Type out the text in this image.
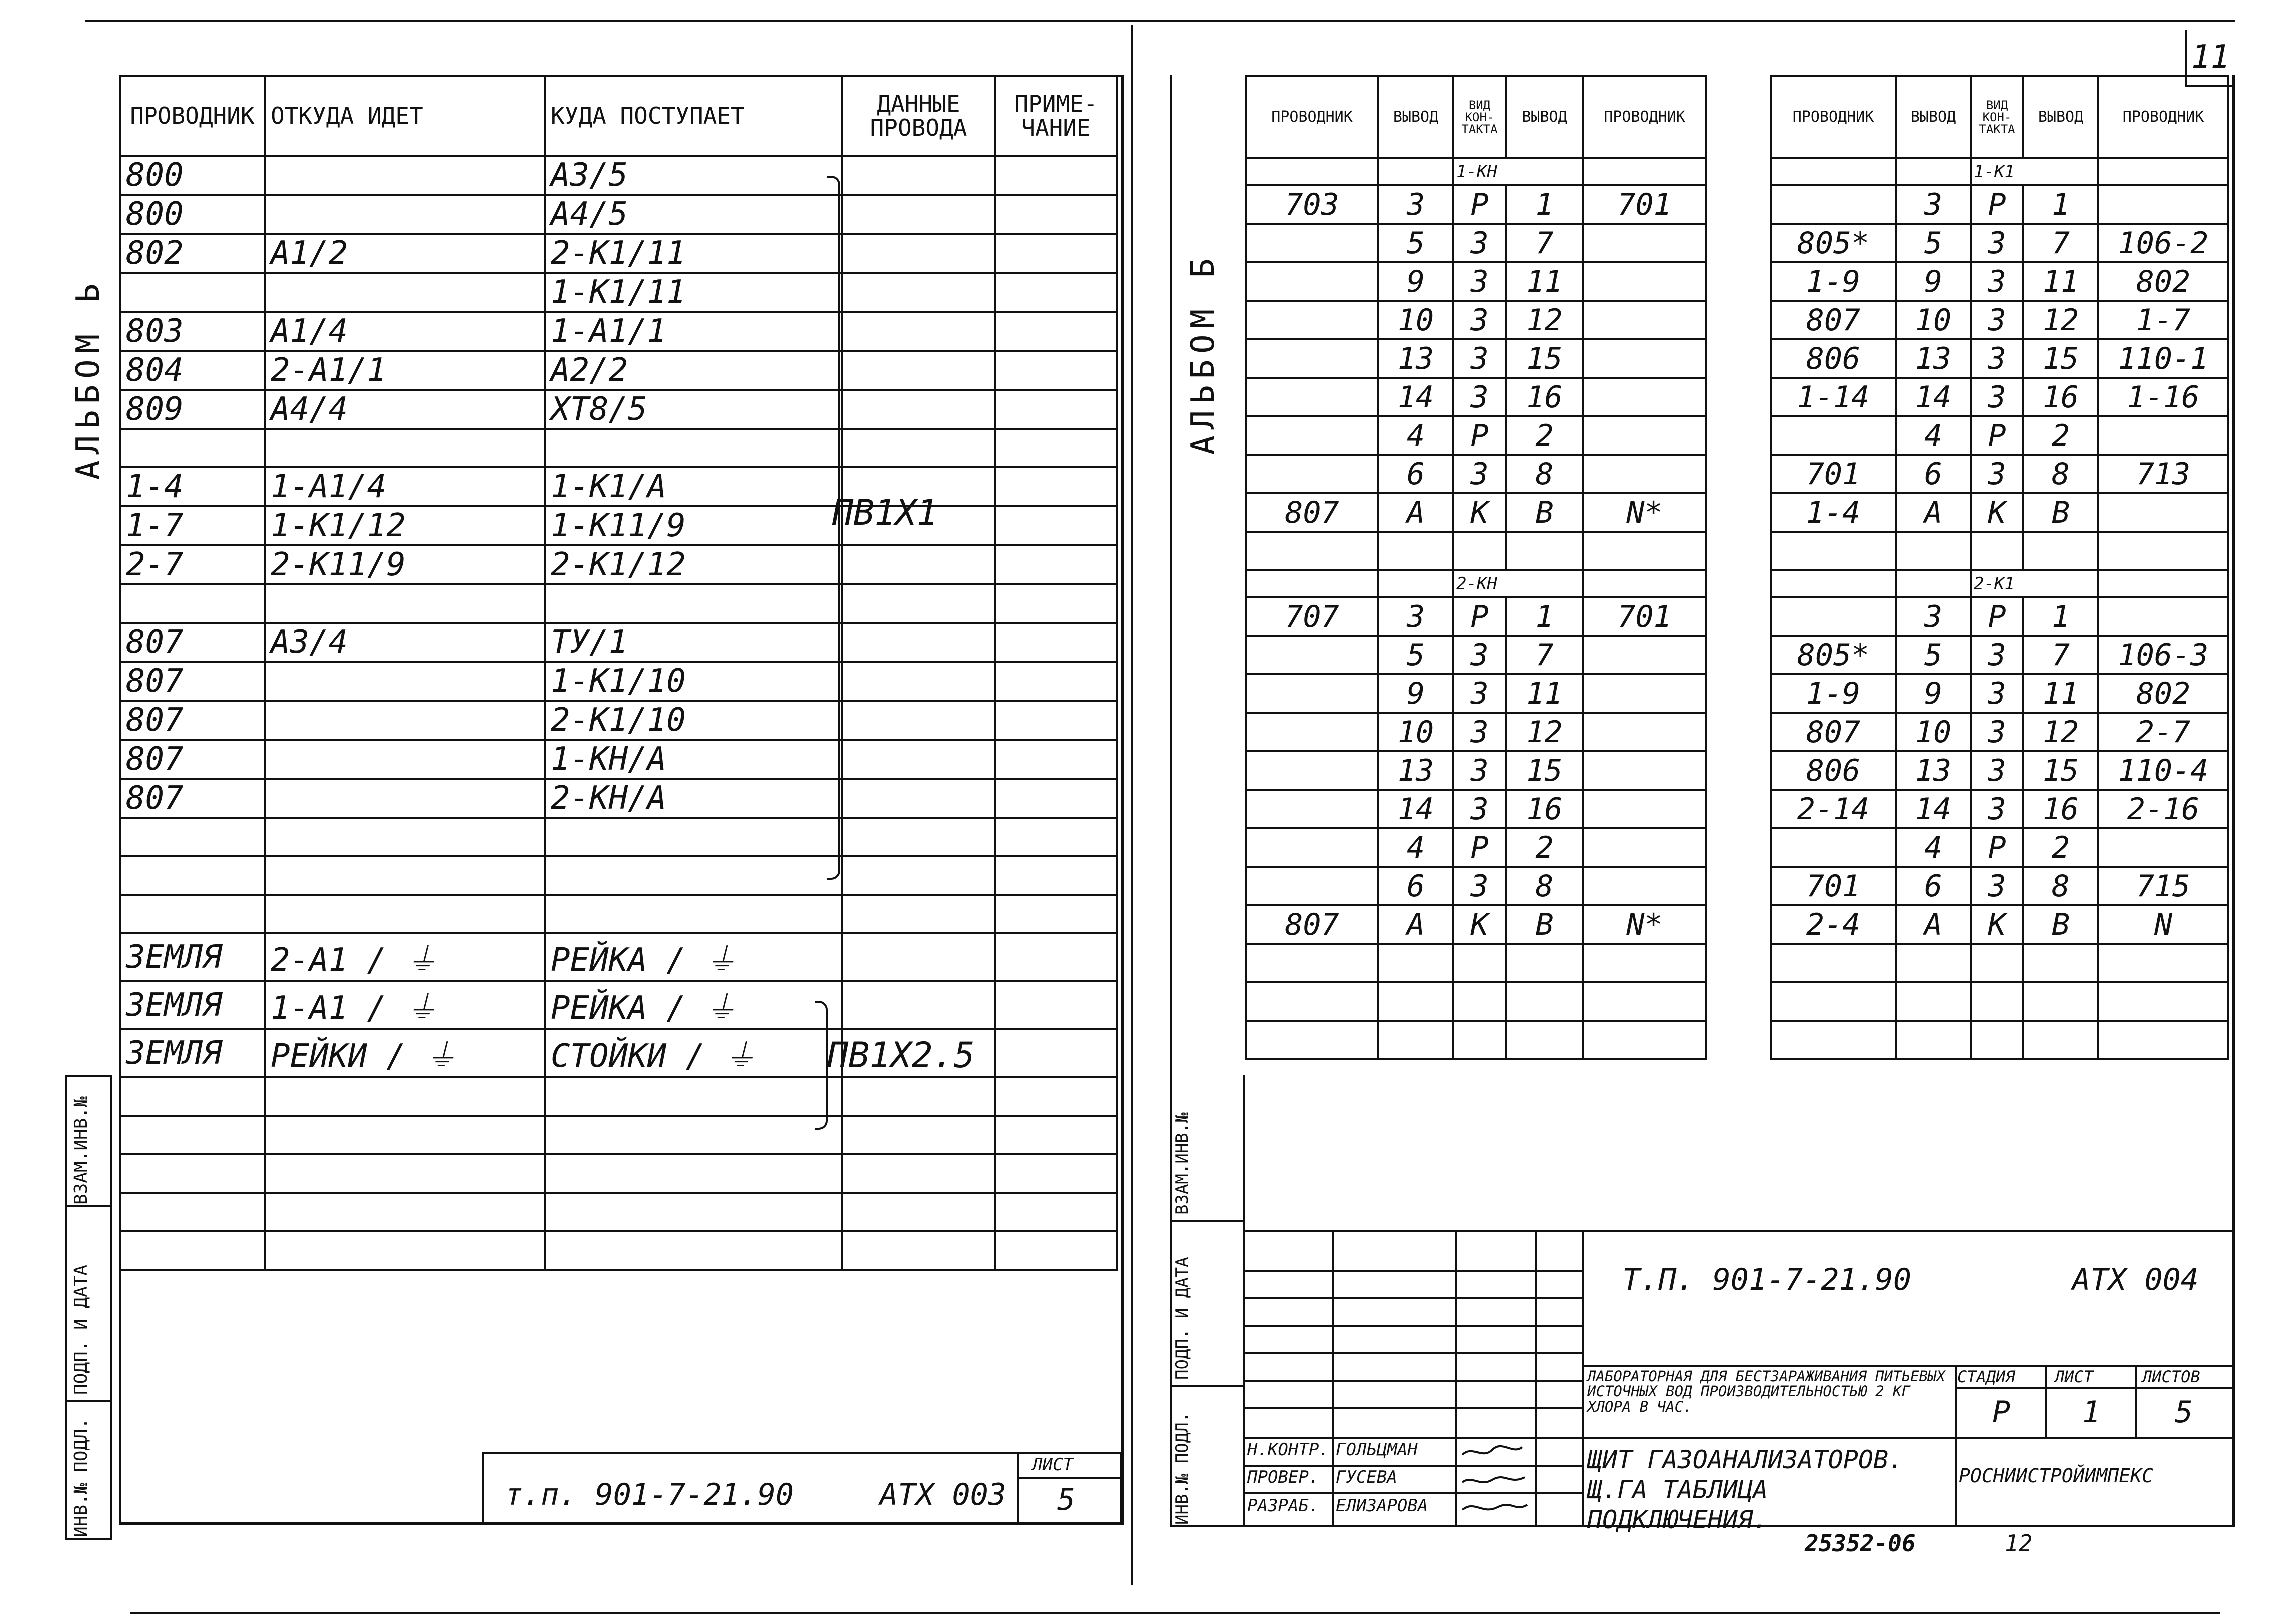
11
АЛЬБОМ Ь
ПРОВОДНИК	ОТКУДА ИДЕТ	КУДА ПОСТУПАЕТ	ДАННЫЕ ПРОВОДА	ПРИМЕ-ЧАНИЕ
800		А3/5		
800		А4/5		
802	А1/2	2-К1/11		
		1-К1/11		
803	А1/4	1-А1/1		
804	2-А1/1	А2/2		
809	А4/4	ХТ8/5		

1-4	1-А1/4	1-К1/А		
1-7	1-К1/12	1-К11/9		
2-7	2-К11/9	2-К1/12		

807	А3/4	ТУ/1		
807		1-К1/10		
807		2-К1/10		
807		1-КН/А		
807		2-КН/А		

ЗЕМЛЯ	2-А1 / ⏚	РЕЙКА / ⏚		
ЗЕМЛЯ	1-А1 / ⏚	РЕЙКА / ⏚		
ЗЕМЛЯ	РЕЙКИ / ⏚	СТОЙКИ / ⏚		

ПВ1Х1
ПВ1Х2.5
ИНВ.№ ПОДЛ.
ПОДП. И ДАТА
ВЗАМ.ИНВ.№
т.п. 901-7-21.90	АТХ 003
ЛИСТ
5
АЛЬБОМ Б
ПРОВОДНИК	ВЫВОД	ВИД КОН-ТАКТА	ВЫВОД	ПРОВОДНИК
		1-КН		
703	3	Р	1	701
	5	З	7	
	9	З	11	
	10	З	12	
	13	З	15	
	14	З	16	
	4	Р	2	
	6	З	8	
807	А	К	В	N*

		2-КН		
707	3	Р	1	701
	5	З	7	
	9	З	11	
	10	З	12	
	13	З	15	
	14	З	16	
	4	Р	2	
	6	З	8	
807	А	К	В	N*

ПРОВОДНИК	ВЫВОД	ВИД КОН-ТАКТА	ВЫВОД	ПРОВОДНИК
		1-К1		
	3	Р	1	
805*	5	З	7	106-2
1-9	9	З	11	802
807	10	З	12	1-7
806	13	З	15	110-1
1-14	14	З	16	1-16
	4	Р	2	
701	6	З	8	713
1-4	А	К	В	

		2-К1		
	3	Р	1	
805*	5	З	7	106-3
1-9	9	З	11	802
807	10	З	12	2-7
806	13	З	15	110-4
2-14	14	З	16	2-16
	4	Р	2	
701	6	З	8	715
2-4	А	К	В	N

ИНВ.№ ПОДЛ.
ПОДП. И ДАТА
ВЗАМ.ИНВ.№
Т.П. 901-7-21.90	АТХ 004
ЛАБОРАТОРНАЯ ДЛЯ БЕСТЗАРАЖИВАНИЯ ПИТЬЕВЫХ ИСТОЧНЫХ ВОД ПРОИЗВОДИТЕЛЬНОСТЬЮ 2 КГ ХЛОРА В ЧАС.
СТАДИЯ ЛИСТ	ЛИСТОВ
Р 1 5
ЩИТ ГАЗОАНАЛИЗАТОРОВ. Щ.ГА ТАБЛИЦА ПОДКЛЮЧЕНИЯ.
РОСНИИСТРОЙИМПЕКС
Н.КОНТР. ГОЛЬЦМАН
ПРОВЕР. ГУСЕВА
РАЗРАБ. ЕЛИЗАРОВА
25352-06	12
